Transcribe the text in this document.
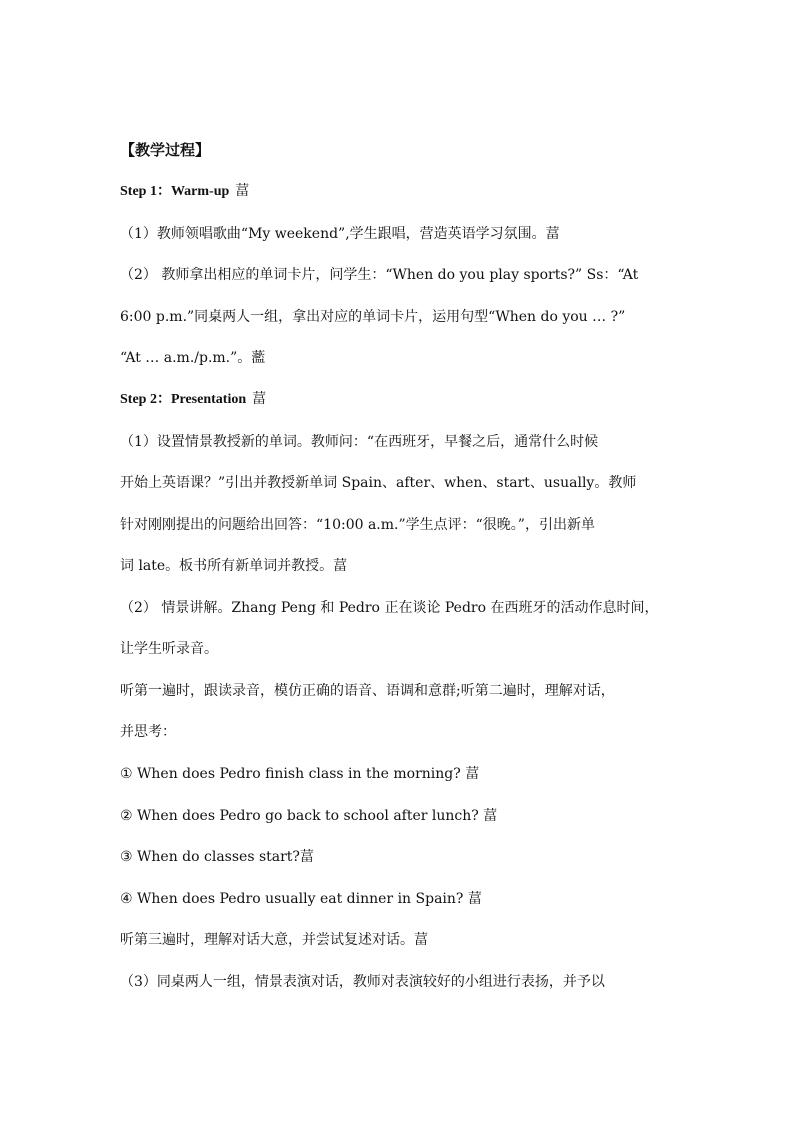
【教学过程】
Step 1：Warm-up 葍
（1）教师领唱歌曲“My weekend”,学生跟唱，营造英语学习氛围。葍
（2） 教师拿出相应的单词卡片，问学生：“When do you play sports?” Ss：“At
6:00 p.m.”同桌两人一组，拿出对应的单词卡片，运用句型“When do you … ?”
“At … a.m./p.m.”。蘫
Step 2：Presentation 葍
（1）设置情景教授新的单词。教师问：“在西班牙，早餐之后，通常什么时候
开始上英语课？”引出并教授新单词 Spain、after、when、start、usually。教师
针对刚刚提出的问题给出回答：“10:00 a.m.”学生点评：“很晚。”，引出新单
词 late。板书所有新单词并教授。葍
（2） 情景讲解。Zhang Peng 和 Pedro 正在谈论 Pedro 在西班牙的活动作息时间，
让学生听录音。
听第一遍时，跟读录音，模仿正确的语音、语调和意群;听第二遍时，理解对话，
并思考：
① When does Pedro finish class in the morning? 葍
② When does Pedro go back to school after lunch? 葍
③ When do classes start?葍
④ When does Pedro usually eat dinner in Spain? 葍
听第三遍时，理解对话大意，并尝试复述对话。葍
（3）同桌两人一组，情景表演对话，教师对表演较好的小组进行表扬，并予以
